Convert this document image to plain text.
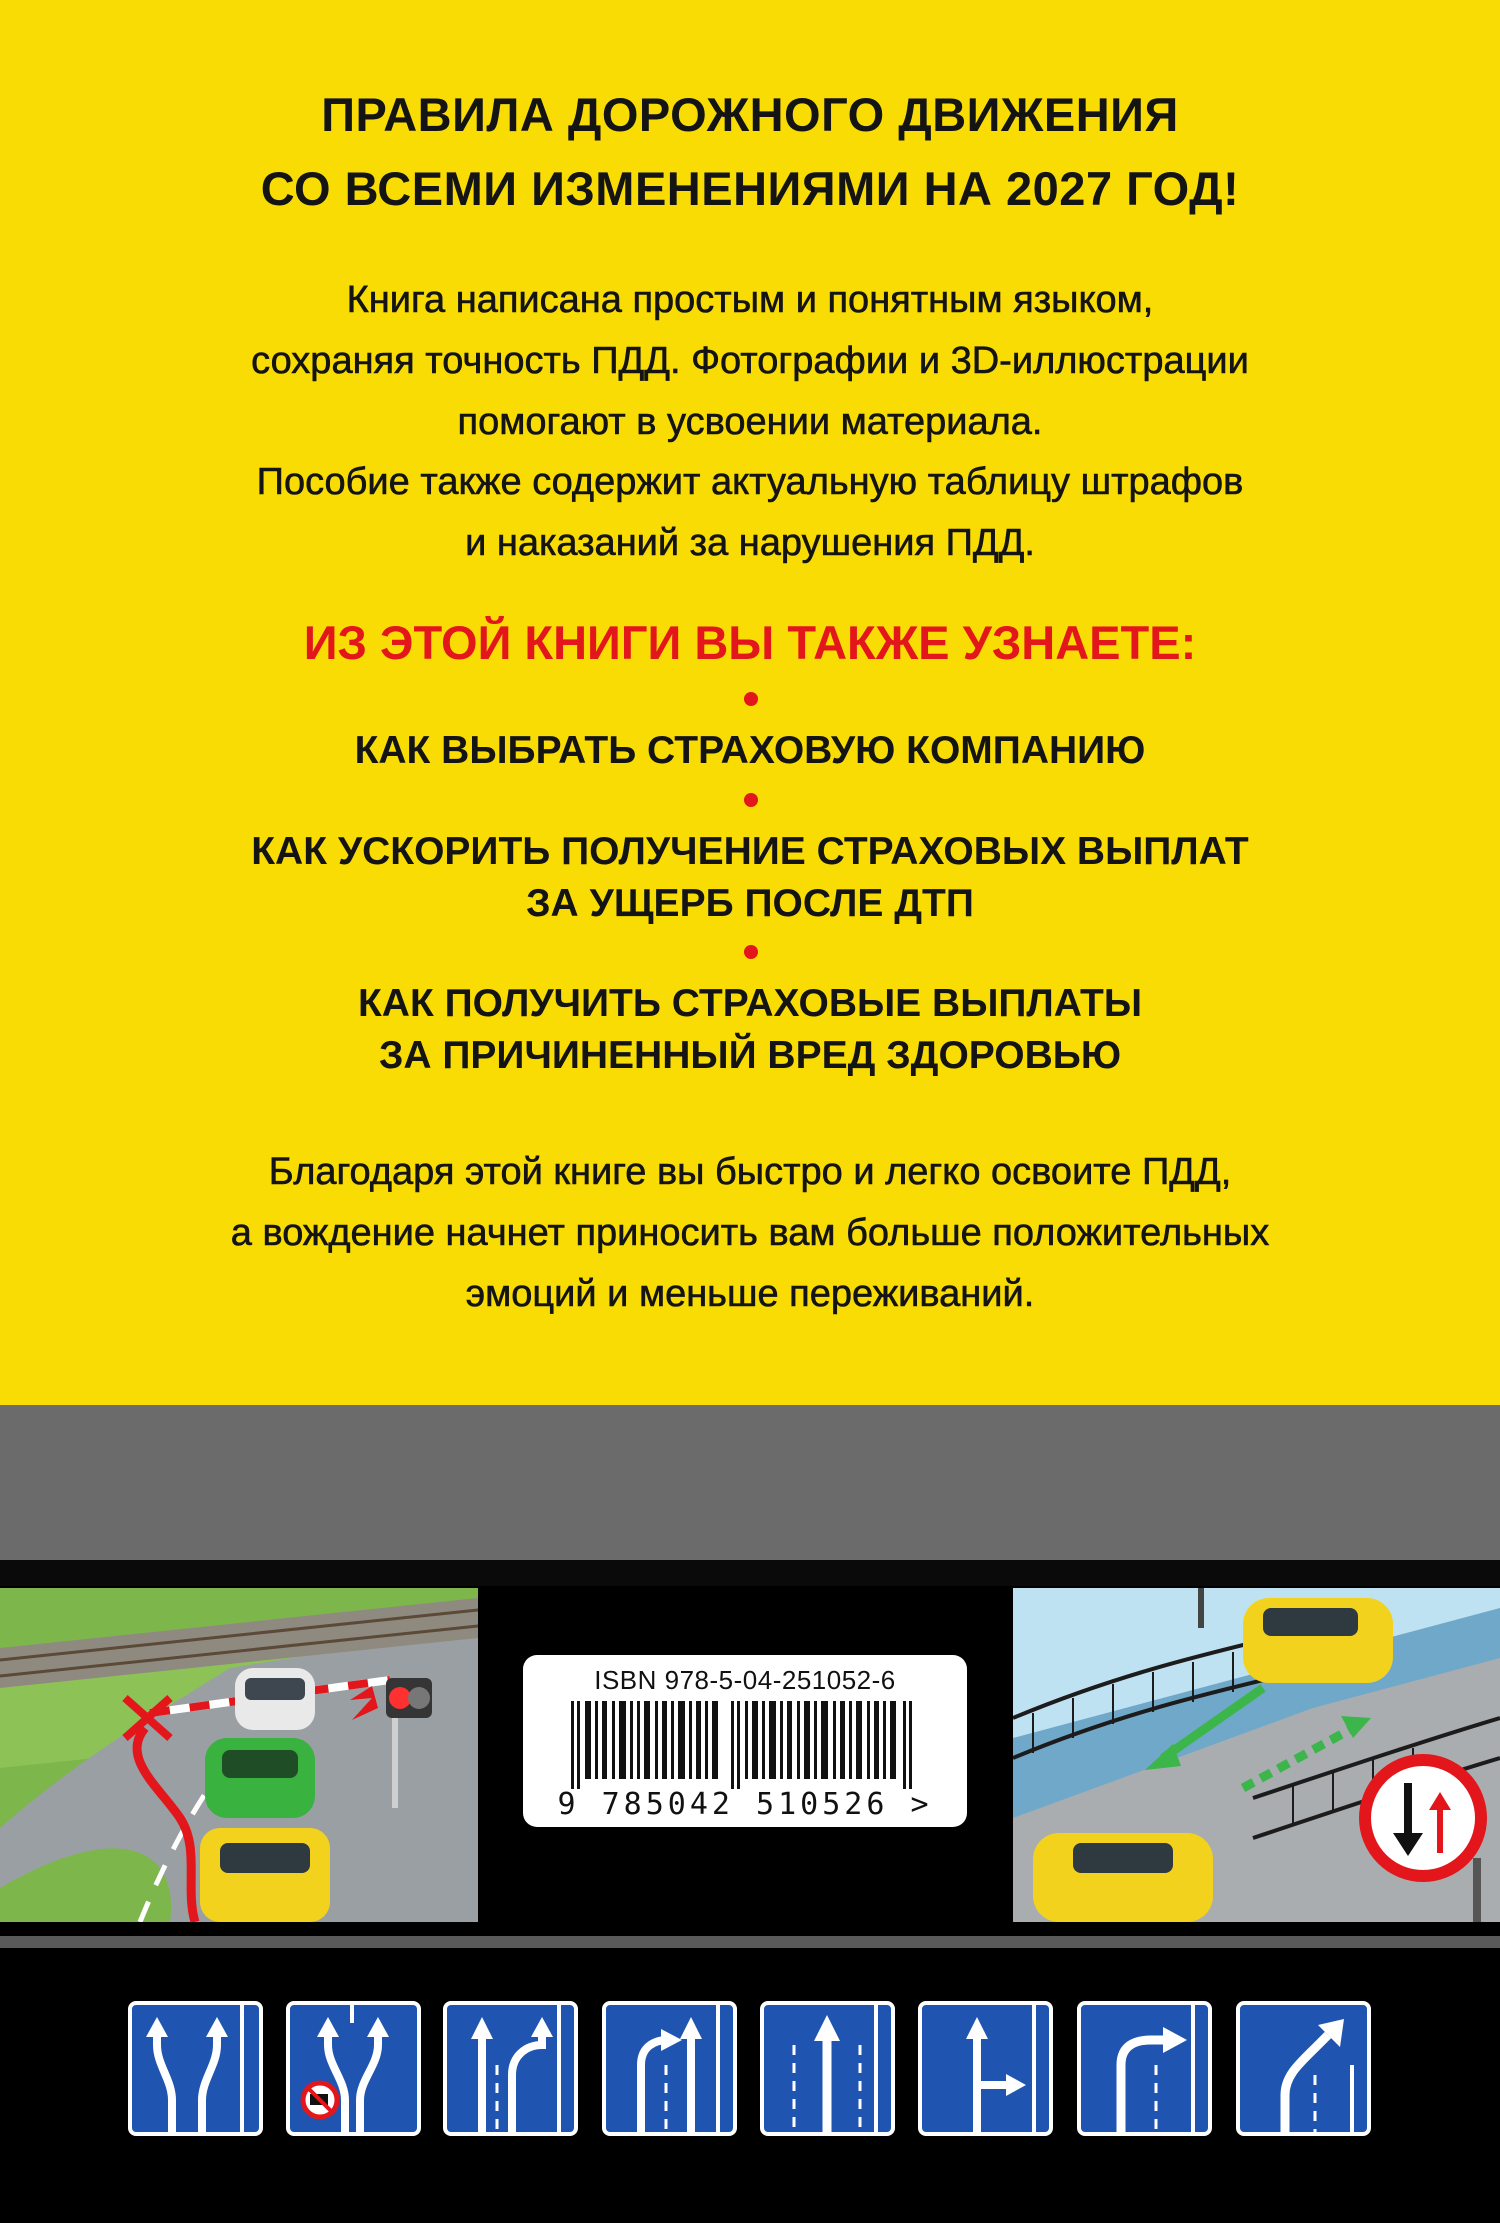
ПРАВИЛА ДОРОЖНОГО ДВИЖЕНИЯ
СО ВСЕМИ ИЗМЕНЕНИЯМИ НА 2027 ГОД!
Книга написана простым и понятным языком,
сохраняя точность ПДД. Фотографии и 3D-иллюстрации
помогают в усвоении материала.
Пособие также содержит актуальную таблицу штрафов
и наказаний за нарушения ПДД.
ИЗ ЭТОЙ КНИГИ ВЫ ТАКЖЕ УЗНАЕТЕ:
КАК ВЫБРАТЬ СТРАХОВУЮ КОМПАНИЮ
КАК УСКОРИТЬ ПОЛУЧЕНИЕ СТРАХОВЫХ ВЫПЛАТ
ЗА УЩЕРБ ПОСЛЕ ДТП
КАК ПОЛУЧИТЬ СТРАХОВЫЕ ВЫПЛАТЫ
ЗА ПРИЧИНЕННЫЙ ВРЕД ЗДОРОВЬЮ
Благодаря этой книге вы быстро и легко освоите ПДД,
а вождение начнет приносить вам больше положительных
эмоций и меньше переживаний.
ISBN 978-5-04-251052-6
9 785042 510526 >
